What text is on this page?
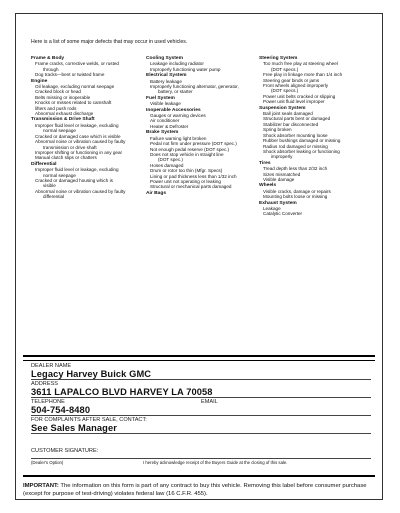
Here is a list of some major defects that may occur in used vehicles.
Frame & Body
Frame cracks, corrective welds, or rusted
through
Dog tracks—bent or twisted frame
Engine
Oil leakage, excluding normal seepage
Cracked block or head
Belts missing or inoperable
Knocks or misses related to camshaft
lifters and push rods
Abnormal exhaust discharge
Transmission & Drive Shaft
Improper fluid level or leakage, excluding
normal seepage
Cracked or damaged case which is visible
Abnormal noise or vibration caused by faulty
transmission or drive shaft
Improper shifting or functioning in any gear
Manual clutch slips or chatters
Differential
Improper fluid level or leakage, excluding
normal seepage
Cracked or damaged housing which is
visible
Abnormal noise or vibration caused by faulty
differential
Cooling System
Leakage including radiator
Improperly functioning water pump
Electrical System
Battery leakage
Improperly functioning alternator, generator,
battery, or starter
Fuel System
Visible leakage
Inoperable Accessories
Gauges or warning devices
Air conditioner
Heater & Defroster
Brake System
Failure warning light broken
Pedal not firm under pressure (DOT spec.)
Not enough pedal reserve (DOT spec.)
Does not stop vehicle in straight line
(DOT spec.)
Hoses damaged
Drum or rotor too thin (Mfgr. Specs)
Lining or pad thickness less than 1/32 inch
Power unit not operating or leaking
Structural or mechanical parts damaged
Air Bags
Steering System
Too much free play at steering wheel
(DOT specs.)
Free play in linkage more than 1/4 inch
Steering gear binds or jams
Front wheels aligned improperly
(DOT specs.)
Power unit belts cracked or slipping
Power unit fluid level improper
Suspension System
Ball joint seals damaged
Structural parts bent or damaged
Stabilizer bar disconnected
Spring broken
Shock absorber mounting loose
Rubber bushings damaged or missing
Radius rod damaged or missing
Shock absorber leaking or functioning
improperly
Tires
Tread depth less than 2/32 inch
Sizes mismatched
Visible damage
Wheels
Visible cracks, damage or repairs
Mounting bolts loose or missing
Exhaust System
Leakage
Catalytic Converter
DEALER NAME
Legacy Harvey Buick GMC
ADDRESS
3611 LAPALCO BLVD HARVEY LA 70058
TELEPHONE	EMAIL
504-754-8480
FOR COMPLAINTS AFTER SALE, CONTACT:
See Sales Manager
CUSTOMER SIGNATURE:
(Dealer's Option)	I hereby acknowledge receipt of the Buyers Guide at the closing of this sale.
IMPORTANT: The information on this form is part of any contract to buy this vehicle. Removing this label before consumer purchase (except for purpose of test-driving) violates federal law (16 C.F.R. 455).
